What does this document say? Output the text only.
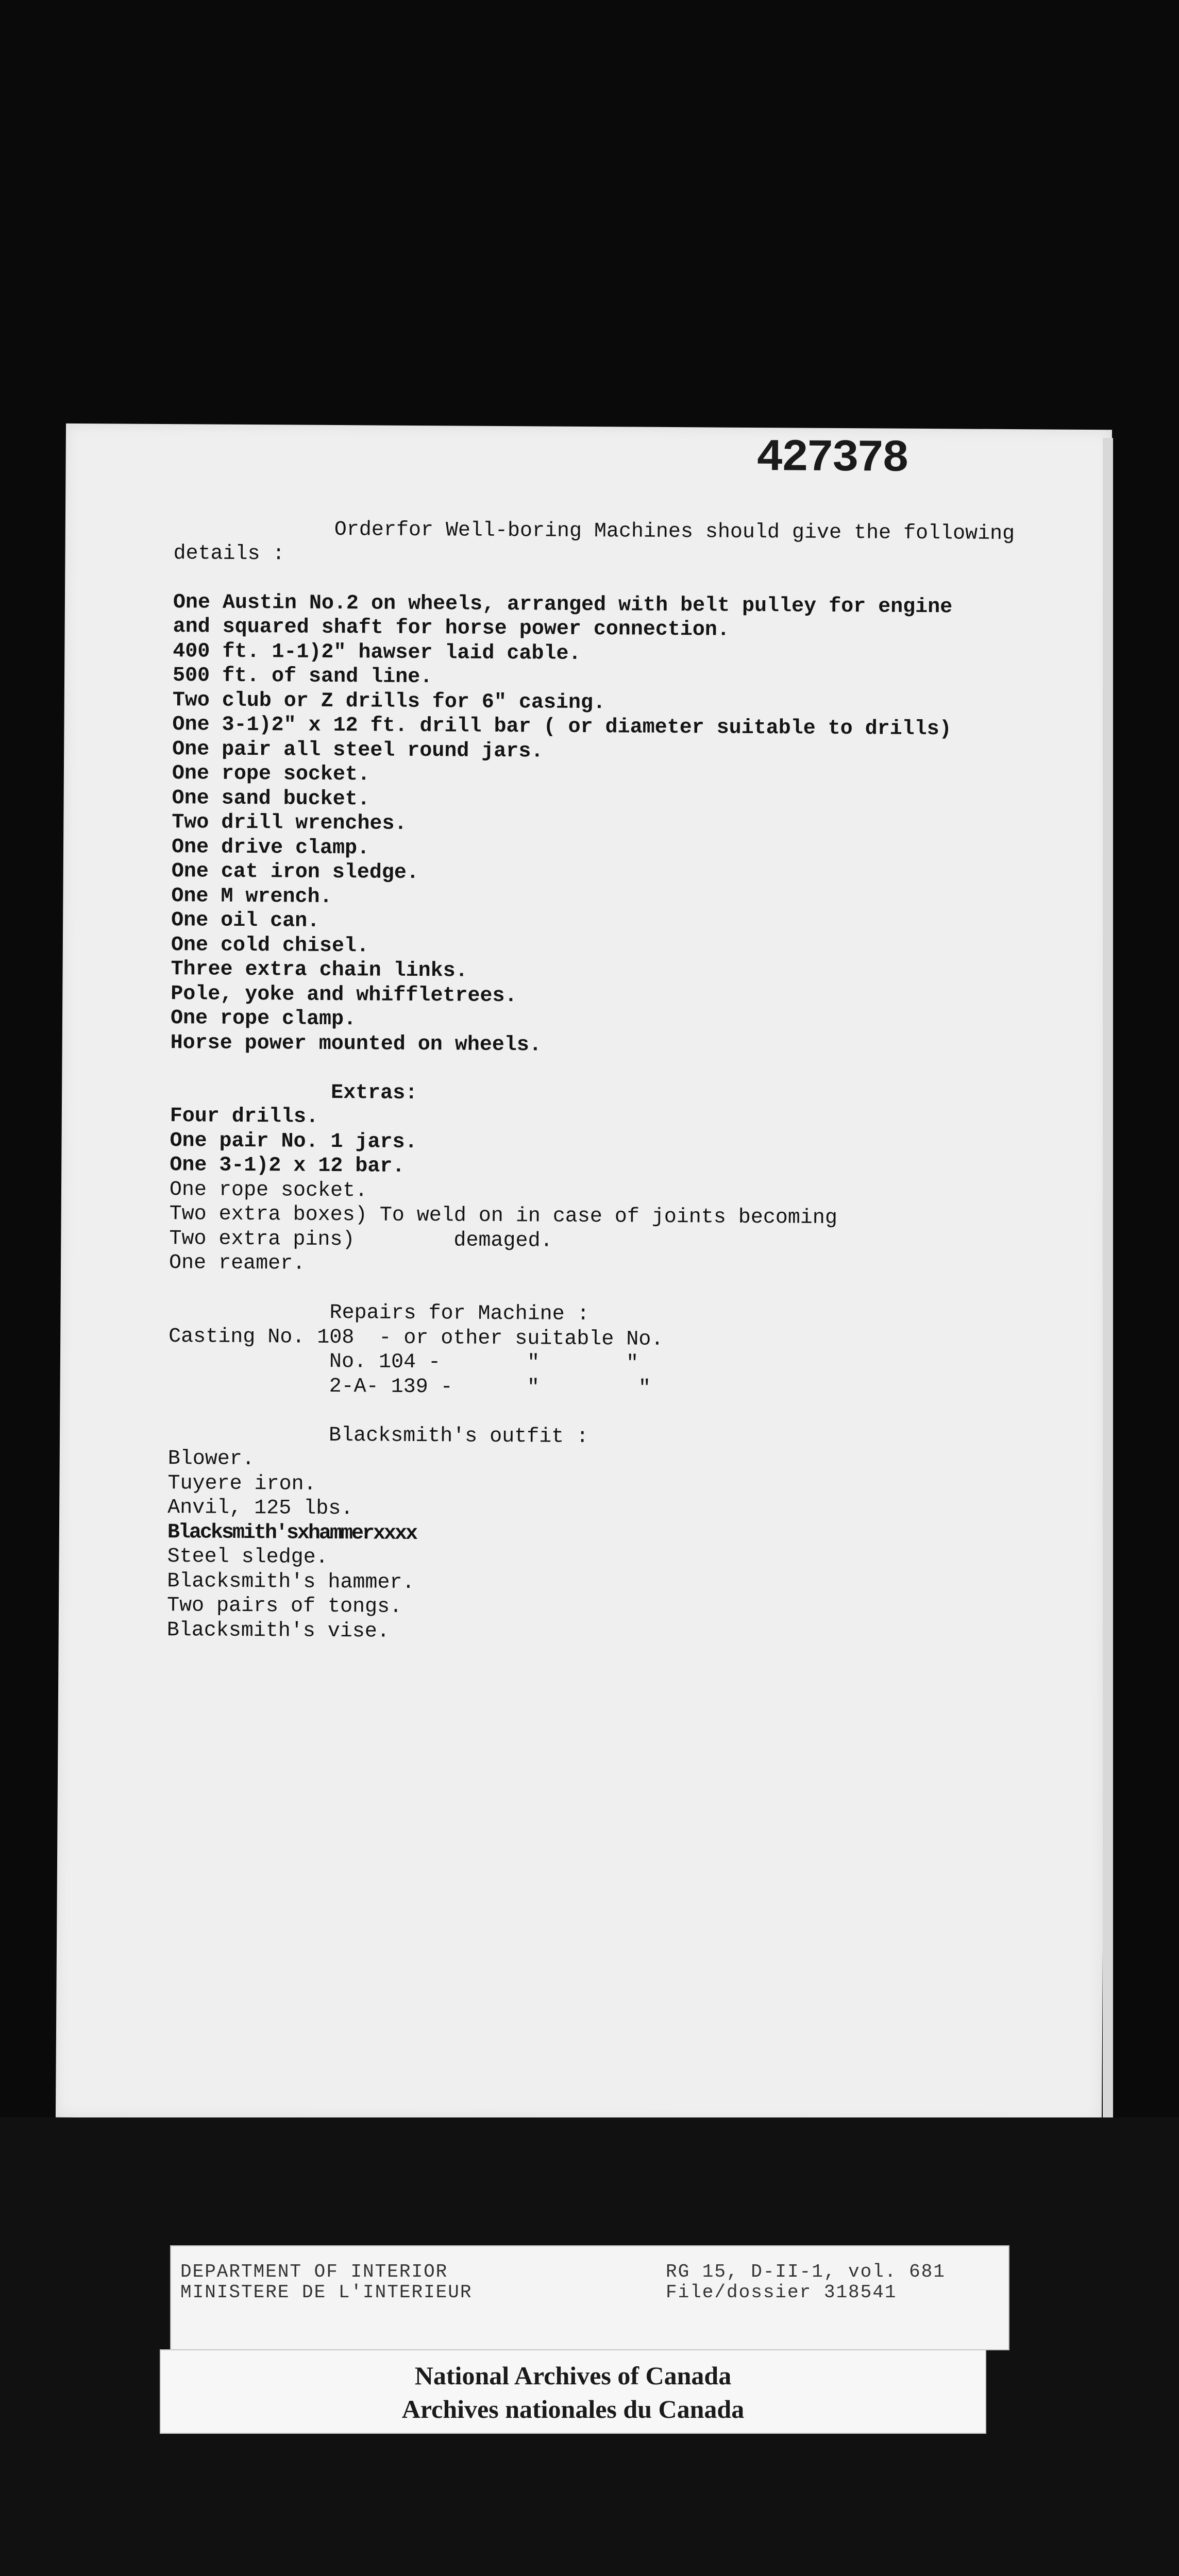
427378
Orderfor Well-boring Machines should give the following
details :
One Austin No.2 on wheels, arranged with belt pulley for engine
and squared shaft for horse power connection.
400 ft. 1-1)2" hawser laid cable.
500 ft. of sand line.
Two club or Z drills for 6" casing.
One 3-1)2" x 12 ft. drill bar ( or diameter suitable to drills)
One pair all steel round jars.
One rope socket.
One sand bucket.
Two drill wrenches.
One drive clamp.
One cat iron sledge.
One M wrench.
One oil can.
One cold chisel.
Three extra chain links.
Pole, yoke and whiffletrees.
One rope clamp.
Horse power mounted on wheels.
Extras:
Four drills.
One pair No. 1 jars.
One 3-1)2 x 12 bar.
One rope socket.
Two extra boxes) To weld on in case of joints becoming
Two extra pins)        demaged.
One reamer.
Repairs for Machine :
Casting No. 108  - or other suitable No.
No. 104 -       "       "
2-A- 139 -      "        "
Blacksmith's outfit :
Blower.
Tuyere iron.
Anvil, 125 lbs.
Blacksmith'sxhammerxxxx
Steel sledge.
Blacksmith's hammer.
Two pairs of tongs.
Blacksmith's vise.
DEPARTMENT OF INTERIOR
MINISTERE DE L'INTERIEUR
RG 15, D-II-1, vol. 681
File/dossier 318541
National Archives of Canada
Archives nationales du Canada
